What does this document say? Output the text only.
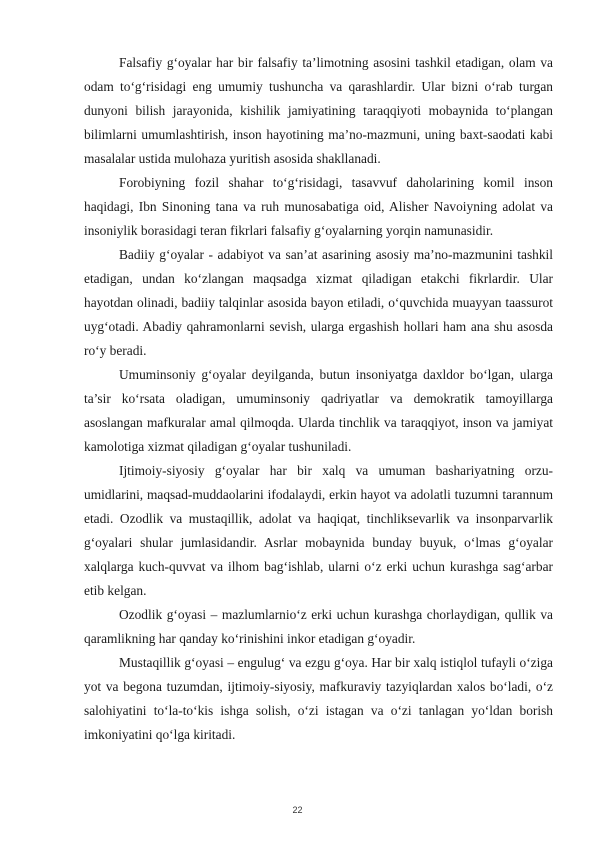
Falsafiy g‘oyalar har bir falsafiy ta’limotning asosini tashkil etadigan, olam va odam to‘g‘risidagi eng umumiy tushuncha va qarashlardir. Ular bizni o‘rab turgan dunyoni bilish jarayonida, kishilik jamiyatining taraqqiyoti mobaynida to‘plangan bilimlarni umumlashtirish, inson hayotining ma’no-mazmuni, uning baxt-saodati kabi masalalar ustida mulohaza yuritish asosida shakllanadi.

Forobiyning fozil shahar to‘g‘risidagi, tasavvuf daholarining komil inson haqidagi, Ibn Sinoning tana va ruh munosabatiga oid, Alisher Navoiyning adolat va insoniylik borasidagi teran fikrlari falsafiy g‘oyalarning yorqin namunasidir.

Badiiy g‘oyalar - adabiyot va san’at asarining asosiy ma’no-mazmunini tashkil etadigan, undan ko‘zlangan maqsadga xizmat qiladigan etakchi fikrlardir. Ular hayotdan olinadi, badiiy talqinlar asosida bayon etiladi, o‘quvchida muayyan taassurot uyg‘otadi. Abadiy qahramonlarni sevish, ularga ergashish hollari ham ana shu asosda ro‘y beradi.

Umuminsoniy g‘oyalar deyilganda, butun insoniyatga daxldor bo‘lgan, ularga ta’sir ko‘rsata oladigan, umuminsoniy qadriyatlar va demokratik tamoyillarga asoslangan mafkuralar amal qilmoqda. Ularda tinchlik va taraqqiyot, inson va jamiyat kamolotiga xizmat qiladigan g‘oyalar tushuniladi.

Ijtimoiy-siyosiy g‘oyalar har bir xalq va umuman bashariyatning orzu-umidlarini, maqsad-muddaolarini ifodalaydi, erkin hayot va adolatli tuzumni tarannum etadi. Ozodlik va mustaqillik, adolat va haqiqat, tinchliksevarlik va insonparvarlik g‘oyalari shular jumlasidandir. Asrlar mobaynida bunday buyuk, o‘lmas g‘oyalar xalqlarga kuch-quvvat va ilhom bag‘ishlab, ularni o‘z erki uchun kurashga sag‘arbar etib kelgan.

Ozodlik g‘oyasi – mazlumlarnio‘z erki uchun kurashga chorlaydigan, qullik va qaramlikning har qanday ko‘rinishini inkor etadigan g‘oyadir.

Mustaqillik g‘oyasi – engulug‘ va ezgu g‘oya. Har bir xalq istiqlol tufayli o‘ziga yot va begona tuzumdan, ijtimoiy-siyosiy, mafkuraviy tazyiqlardan xalos bo‘ladi, o‘z salohiyatini to‘la-to‘kis ishga solish, o‘zi istagan va o‘zi tanlagan yo‘ldan borish imkoniyatini qo‘lga kiritadi.

22
